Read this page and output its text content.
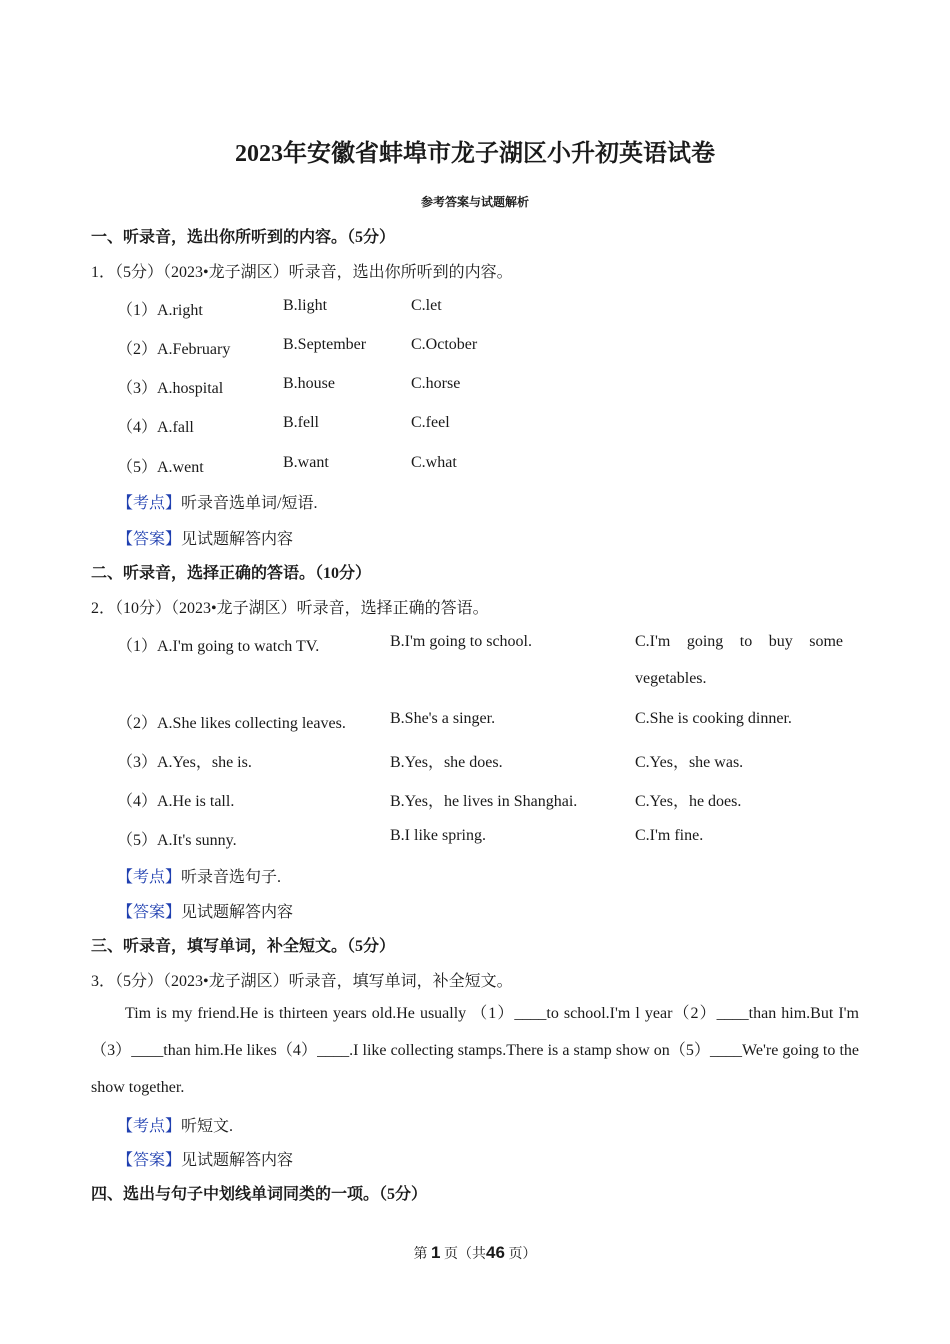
2023年安徽省蚌埠市龙子湖区小升初英语试卷
参考答案与试题解析
一、听录音，选出你所听到的内容。（5分）
1．（5分）（2023•龙子湖区）听录音，选出你所听到的内容。
（1）A.right	B.light	C.let
（2）A.February	B.September	C.October
（3）A.hospital	B.house	C.horse
（4）A.fall	B.fell	C.feel
（5）A.went	B.want	C.what
【考点】听录音选单词/短语.
【答案】见试题解答内容
二、听录音，选择正确的答语。（10分）
2．（10分）（2023•龙子湖区）听录音，选择正确的答语。
（1）A.I'm going to watch TV.	B.I'm going to school.	C.I'm going to buy some
vegetables.
（2）A.She likes collecting leaves.	B.She's a singer.	C.She is cooking dinner.
（3）A.Yes，she is.	B.Yes，she does.	C.Yes，she was.
（4）A.He is tall.	B.Yes，he lives in Shanghai.	C.Yes，he does.
（5）A.It's sunny.	B.I like spring.	C.I'm fine.
【考点】听录音选句子.
【答案】见试题解答内容
三、听录音，填写单词，补全短文。（5分）
3．（5分）（2023•龙子湖区）听录音，填写单词，补全短文。
Tim is my friend.He is thirteen years old.He usually （1）____to school.I'm l year（2）____than him.But I'm （3）____than him.He likes（4）____.I like collecting stamps.There is a stamp show on（5）____We're going to the show together.
【考点】听短文.
【答案】见试题解答内容
四、选出与句子中划线单词同类的一项。（5分）
第 1 页（共46 页）
